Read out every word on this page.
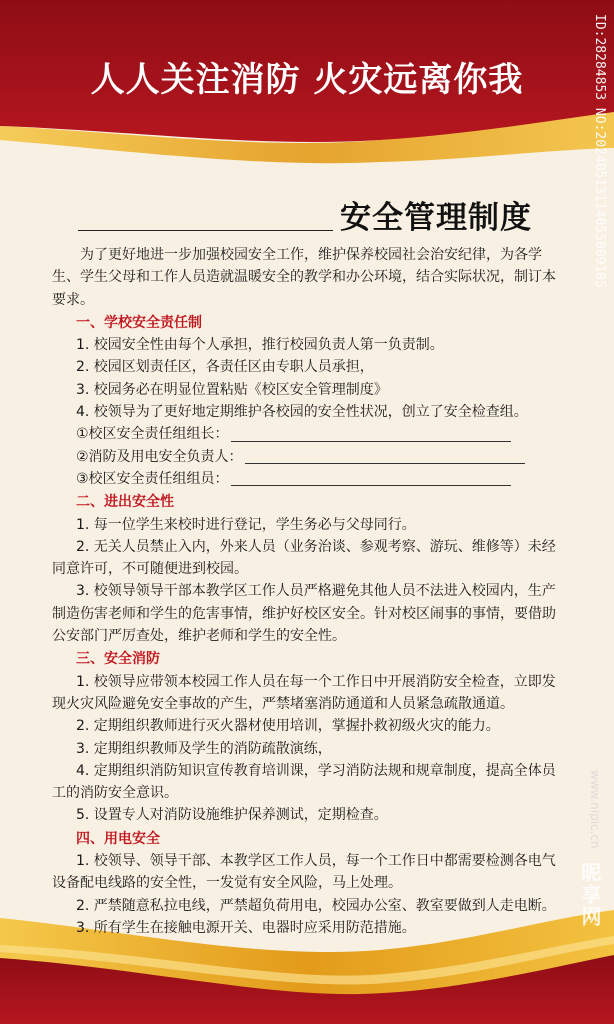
人人关注消防 火灾远离你我	ID:28284853 NO:20240513114055009105
安全管理制度

为了更好地进一步加强校园安全工作，维护保养校园社会治安纪律，为各学生、学生父母和工作人员造就温暖安全的教学和办公环境，结合实际状况，制订本要求。

一、学校安全责任制

1. 校园安全性由每个人承担，推行校园负责人第一负责制。

2. 校园区划责任区，各责任区由专职人员承担，

3. 校园务必在明显位置粘贴《校区安全管理制度》

4. 校领导为了更好地定期维护各校园的安全性状况，创立了安全检查组。

①校区安全责任组组长：
②消防及用电安全负责人：
③校区安全责任组组员：

二、进出安全性

1. 每一位学生来校时进行登记，学生务必与父母同行。

2. 无关人员禁止入内，外来人员（业务治谈、参观考察、游玩、维修等）未经同意许可，不可随便进到校园。

3. 校领导领导干部本教学区工作人员严格避免其他人员不法进入校园内，生产制造伤害老师和学生的危害事情，维护好校区安全。针对校区闹事的事情，要借助公安部门严厉查处，维护老师和学生的安全性。

三、安全消防

1. 校领导应带领本校园工作人员在每一个工作日中开展消防安全检查，立即发现火灾风险避免安全事故的产生，严禁堵塞消防通道和人员紧急疏散通道。

2. 定期组织教师进行灭火器材使用培训，掌握扑救初级火灾的能力。

3. 定期组织教师及学生的消防疏散演练，

4. 定期组织消防知识宣传教育培训课，学习消防法规和规章制度，提高全体员工的消防安全意识。

5. 设置专人对消防设施维护保养测试，定期检查。

四、用电安全

1. 校领导、领导干部、本教学区工作人员，每一个工作日中都需要检测各电气设备配电线路的安全性，一发觉有安全风险，马上处理。

2. 严禁随意私拉电线，严禁超负荷用电，校园办公室、教室要做到人走电断。

3. 所有学生在接触电源开关、电器时应采用防范措施。

www.nipic.cn
昵享网
